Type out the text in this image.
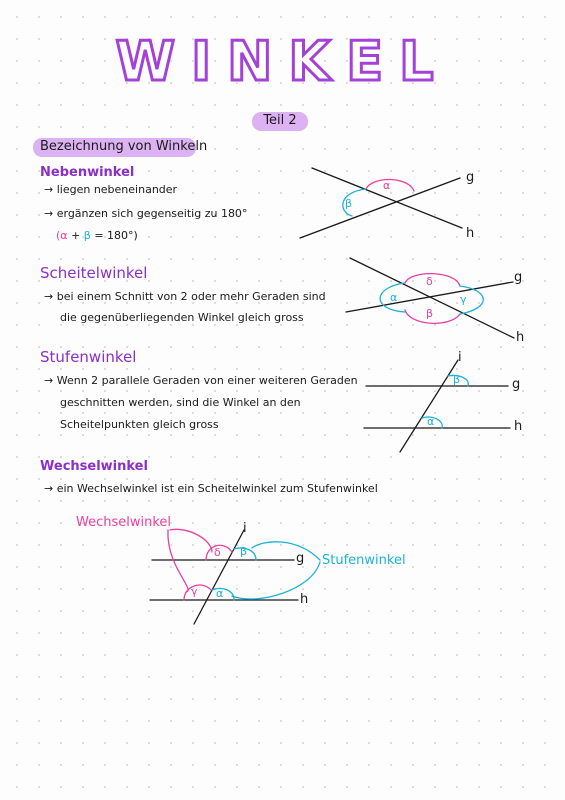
WINKEL
Teil 2
Bezeichnung von Winkeln
Nebenwinkel
→ liegen nebeneinander
→ ergänzen sich gegenseitig zu 180°
(α + β = 180°)
α
β
g
h
Scheitelwinkel
→ bei einem Schnitt von 2 oder mehr Geraden sind
die gegenüberliegenden Winkel gleich gross
δ
β
α	γ
g
h
Stufenwinkel
→ Wenn 2 parallele Geraden von einer weiteren Geraden
geschnitten werden, sind die Winkel an den
Scheitelpunkten gleich gross
i
g
h
β
α
Wechselwinkel
→ ein Wechselwinkel ist ein Scheitelwinkel zum Stufenwinkel
Wechselwinkel
Stufenwinkel
i
g
h
δ β
γ α
